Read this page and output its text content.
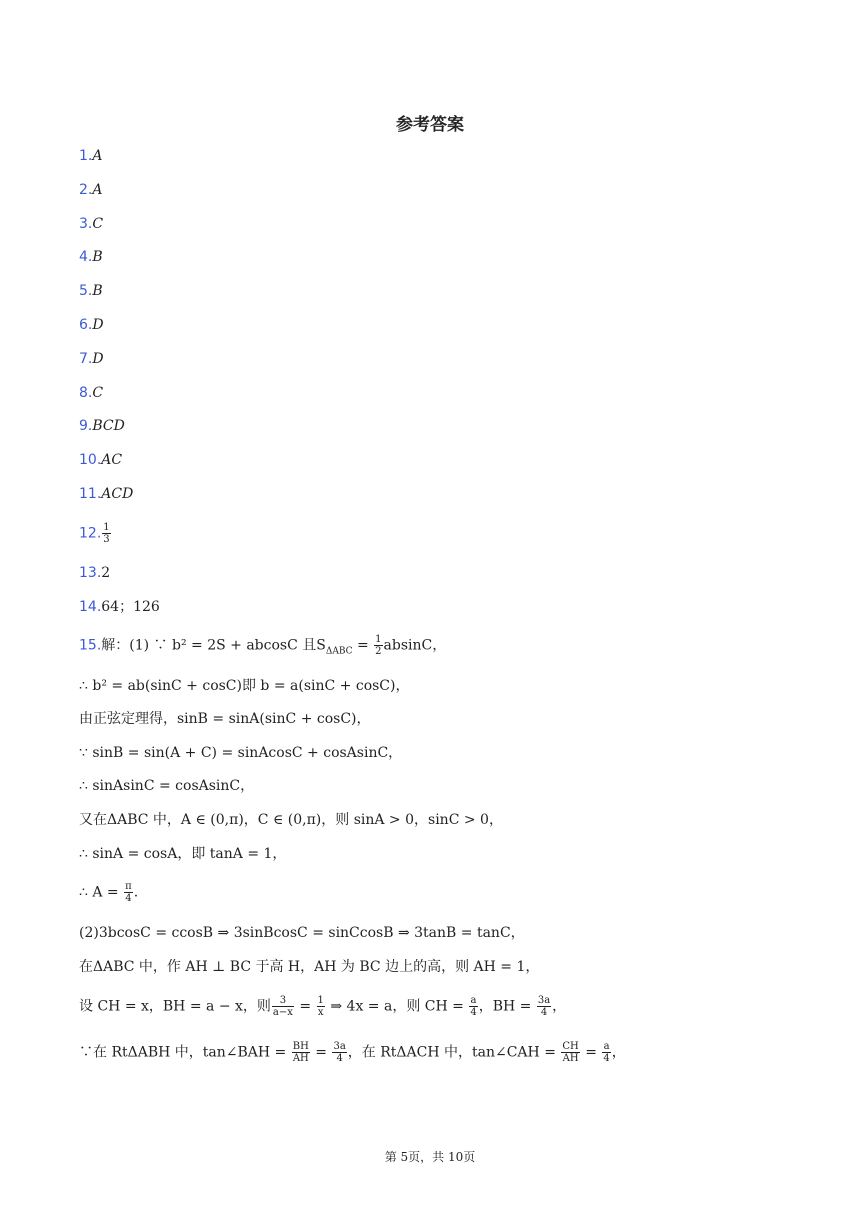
参考答案
1.A
2.A
3.C
4.B
5.B
6.D
7.D
8.C
9.BCD
10.AC
11.ACD
12. $\frac{1}{3}$
13.2
14.64；126
15.解：(1) ∵ b² = 2S + abcosC 且$S_{\Delta ABC} = \frac{1}{2}$ absinC，
∴ b² = ab(sinC + cosC)即 b = a(sinC + cosC)，
由正弦定理得，sinB = sinA(sinC + cosC)，
∵ sinB = sin(A + C) = sinAcosC + cosAsinC，
∴ sinAsinC = cosAsinC，
又在ΔABC 中，A ∈ (0,π)，C ∈ (0,π)，则 sinA > 0，sinC > 0，
∴ sinA = cosA，即 tanA = 1，
∴ $A = \frac{\pi}{4}$ .
(2)3bcosC = ccosB ⇒ 3sinBcosC = sinCcosB ⇒ 3tanB = tanC，
在ΔABC 中，作 AH ⊥ BC 于高 H，AH 为 BC 边上的高，则 AH = 1，
设 CH = x，BH = a − x，则 $\frac{3}{a-x} = \frac{1}{x}$ ⇒ 4x = a，则 CH = $\frac{a}{4}$ ，BH = $\frac{3a}{4}$ ，
∵在 RtΔABH 中，tan∠BAH = $\frac{BH}{AH} = \frac{3a}{4}$ ，在 RtΔACH 中，tan∠CAH = $\frac{CH}{AH} = \frac{a}{4}$ ，
第 5页，共 10页
